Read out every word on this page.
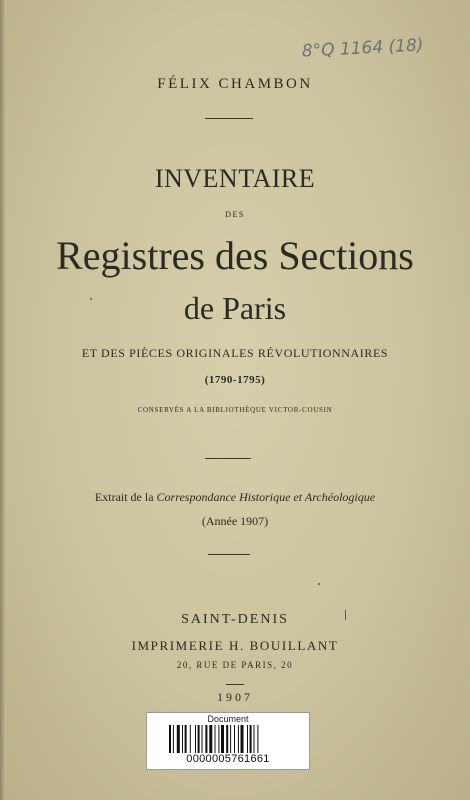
8°Q 1164 (18)
FÉLIX CHAMBON
INVENTAIRE
DES
Registres des Sections
de Paris
ET DES PIÈCES ORIGINALES RÉVOLUTIONNAIRES
(1790-1795)
CONSERVÉS A LA BIBLIOTHÈQUE VICTOR-COUSIN
Extrait de la Correspondance Historique et Archéologique
(Année 1907)
SAINT-DENIS
IMPRIMERIE H. BOUILLANT
20, RUE DE PARIS, 20
1907
Document
0000005761661
